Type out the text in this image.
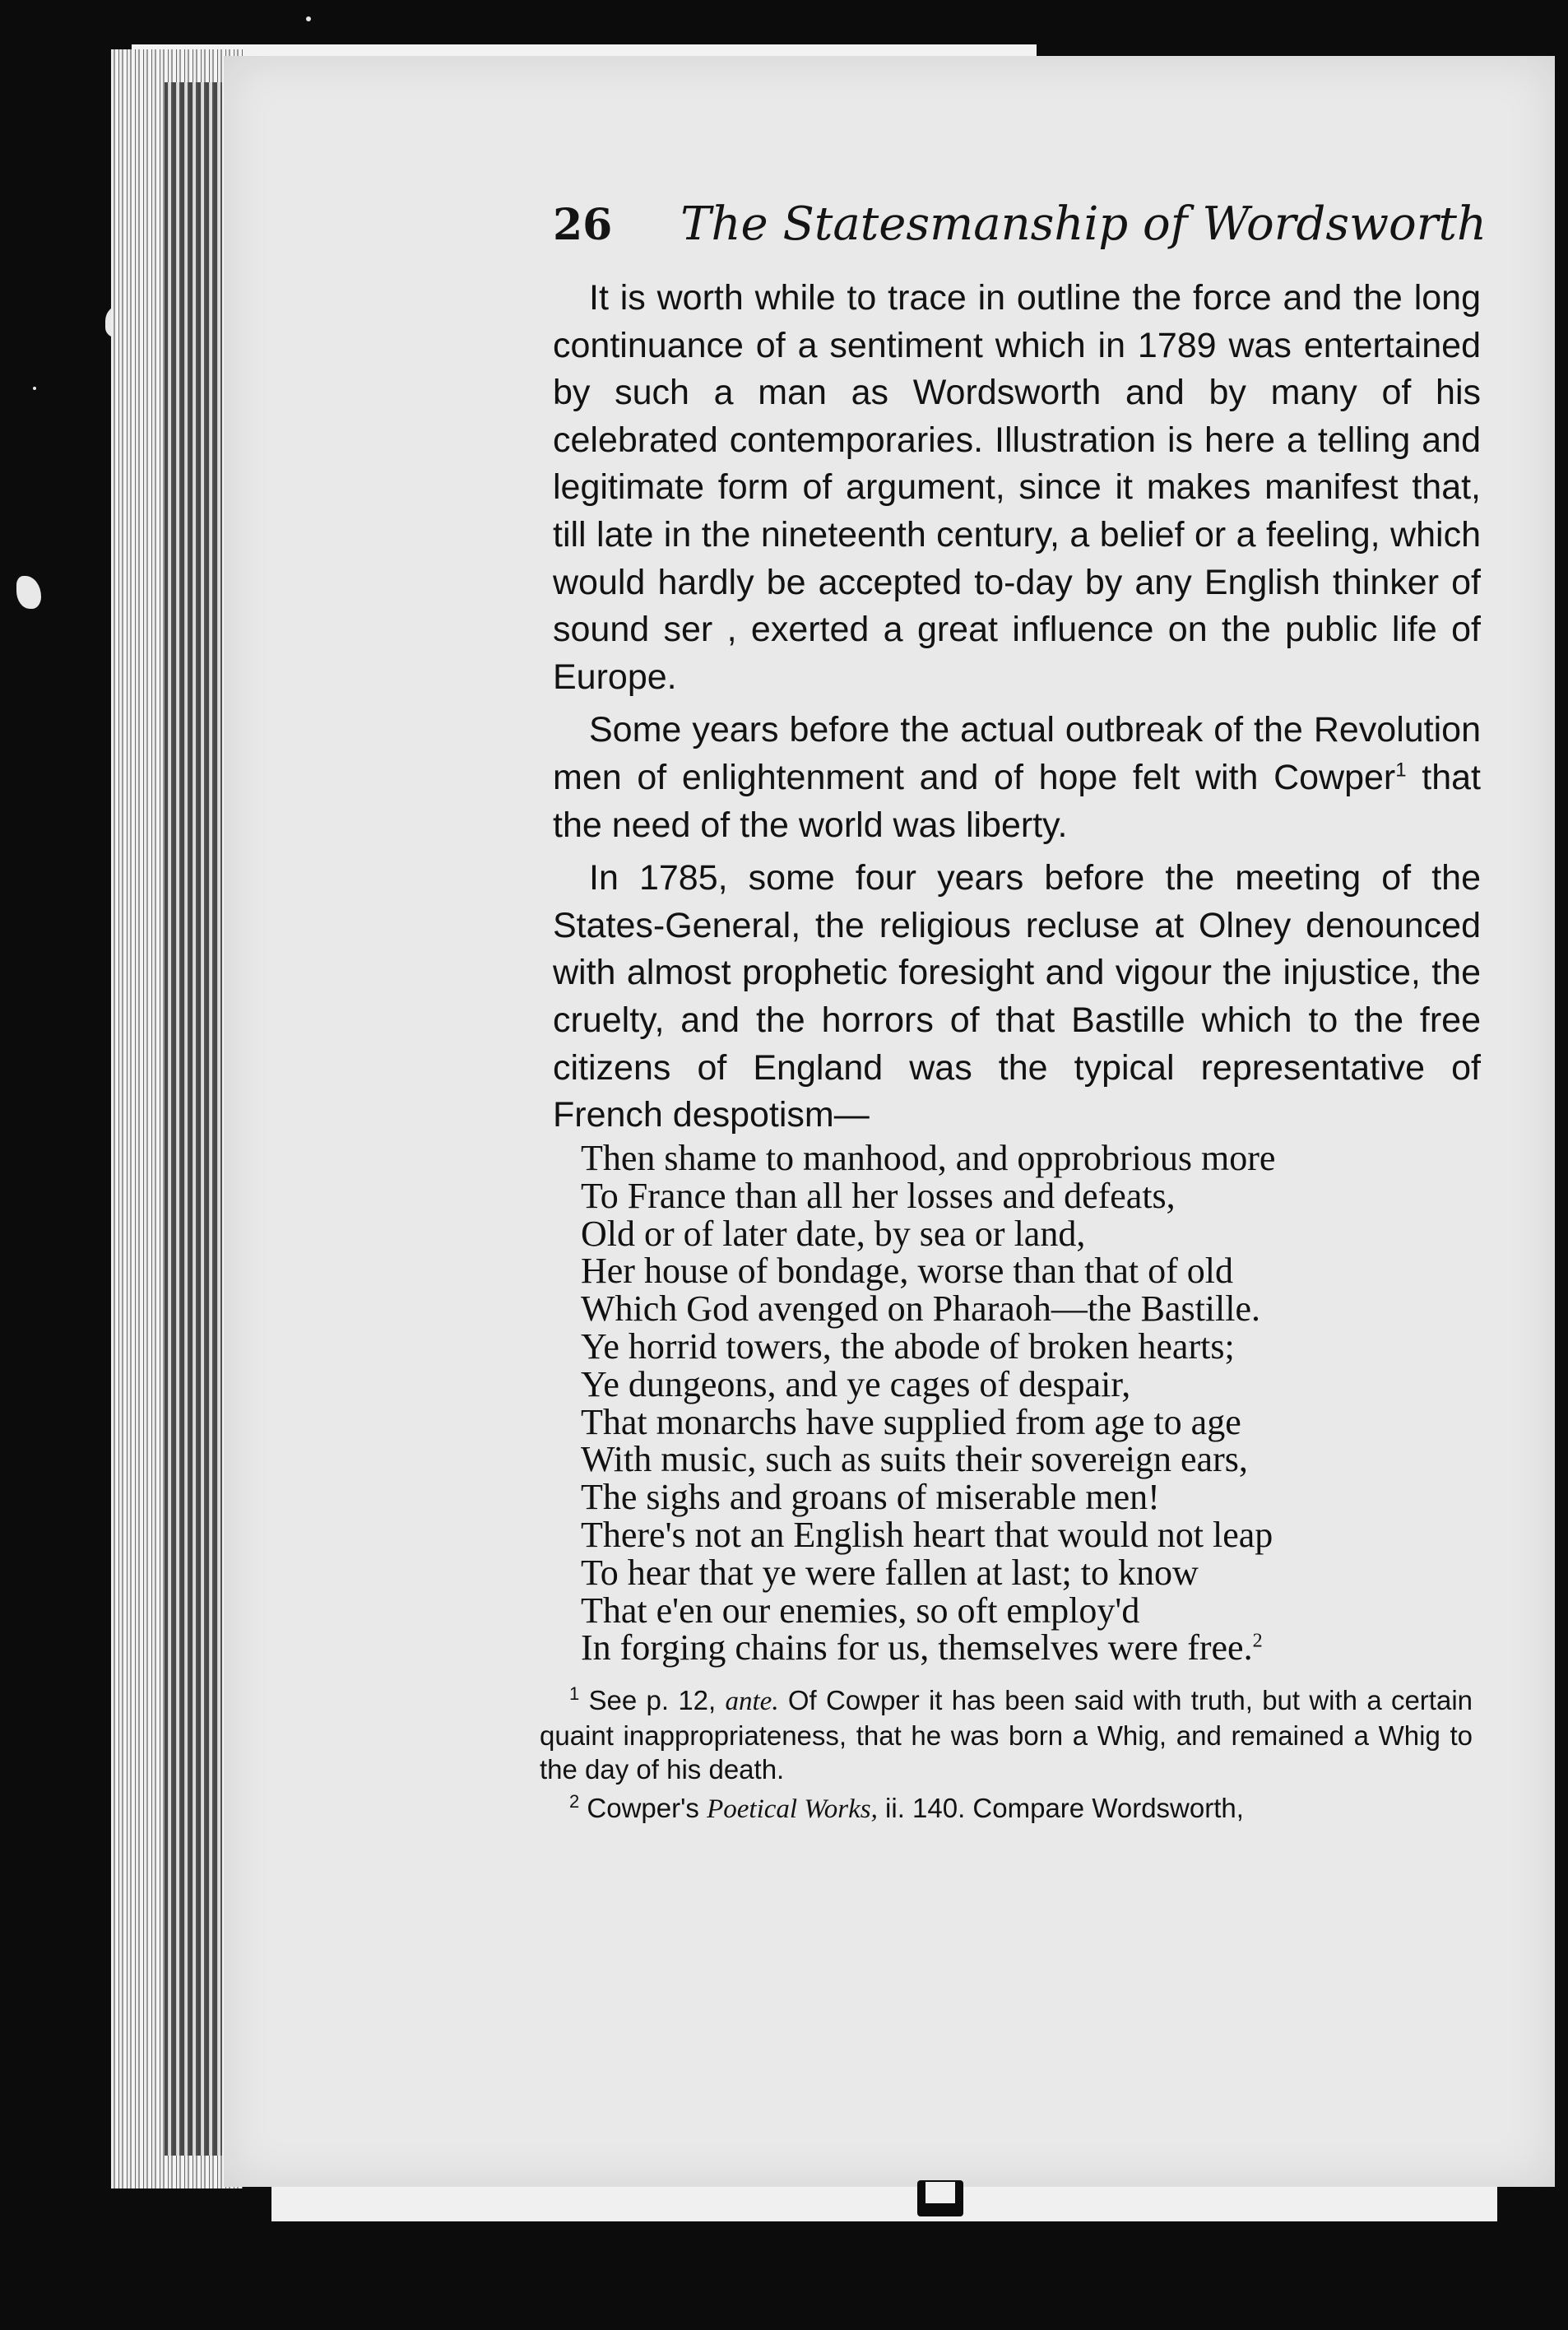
26 The Statesmanship of Wordsworth

It is worth while to trace in outline the force and the long continuance of a sentiment which in 1789 was entertained by such a man as Wordsworth and by many of his celebrated contemporaries. Illustration is here a telling and legitimate form of argument, since it makes manifest that, till late in the nineteenth century, a belief or a feeling, which would hardly be accepted to-day by any English thinker of sound ser , exerted a great influence on the public life of Europe.

Some years before the actual outbreak of the Revolution men of enlightenment and of hope felt with Cowper$^1$ that the need of the world was liberty.

In 1785, some four years before the meeting of the States-General, the religious recluse at Olney denounced with almost prophetic foresight and vigour the injustice, the cruelty, and the horrors of that Bastille which to the free citizens of England was the typical representative of French despotism—

Then shame to manhood, and opprobrious more
To France than all her losses and defeats,
Old or of later date, by sea or land,
Her house of bondage, worse than that of old
Which God avenged on Pharaoh—the Bastille.
Ye horrid towers, the abode of broken hearts;
Ye dungeons, and ye cages of despair,
That monarchs have supplied from age to age
With music, such as suits their sovereign ears,
The sighs and groans of miserable men!
There's not an English heart that would not leap
To hear that ye were fallen at last; to know
That e'en our enemies, so oft employ'd
In forging chains for us, themselves were free.$^2$

$^1$ See p. 12, ante. Of Cowper it has been said with truth, but with a certain quaint inappropriateness, that he was born a Whig, and remained a Whig to the day of his death.

$^2$ Cowper's Poetical Works, ii. 140. Compare Wordsworth,
